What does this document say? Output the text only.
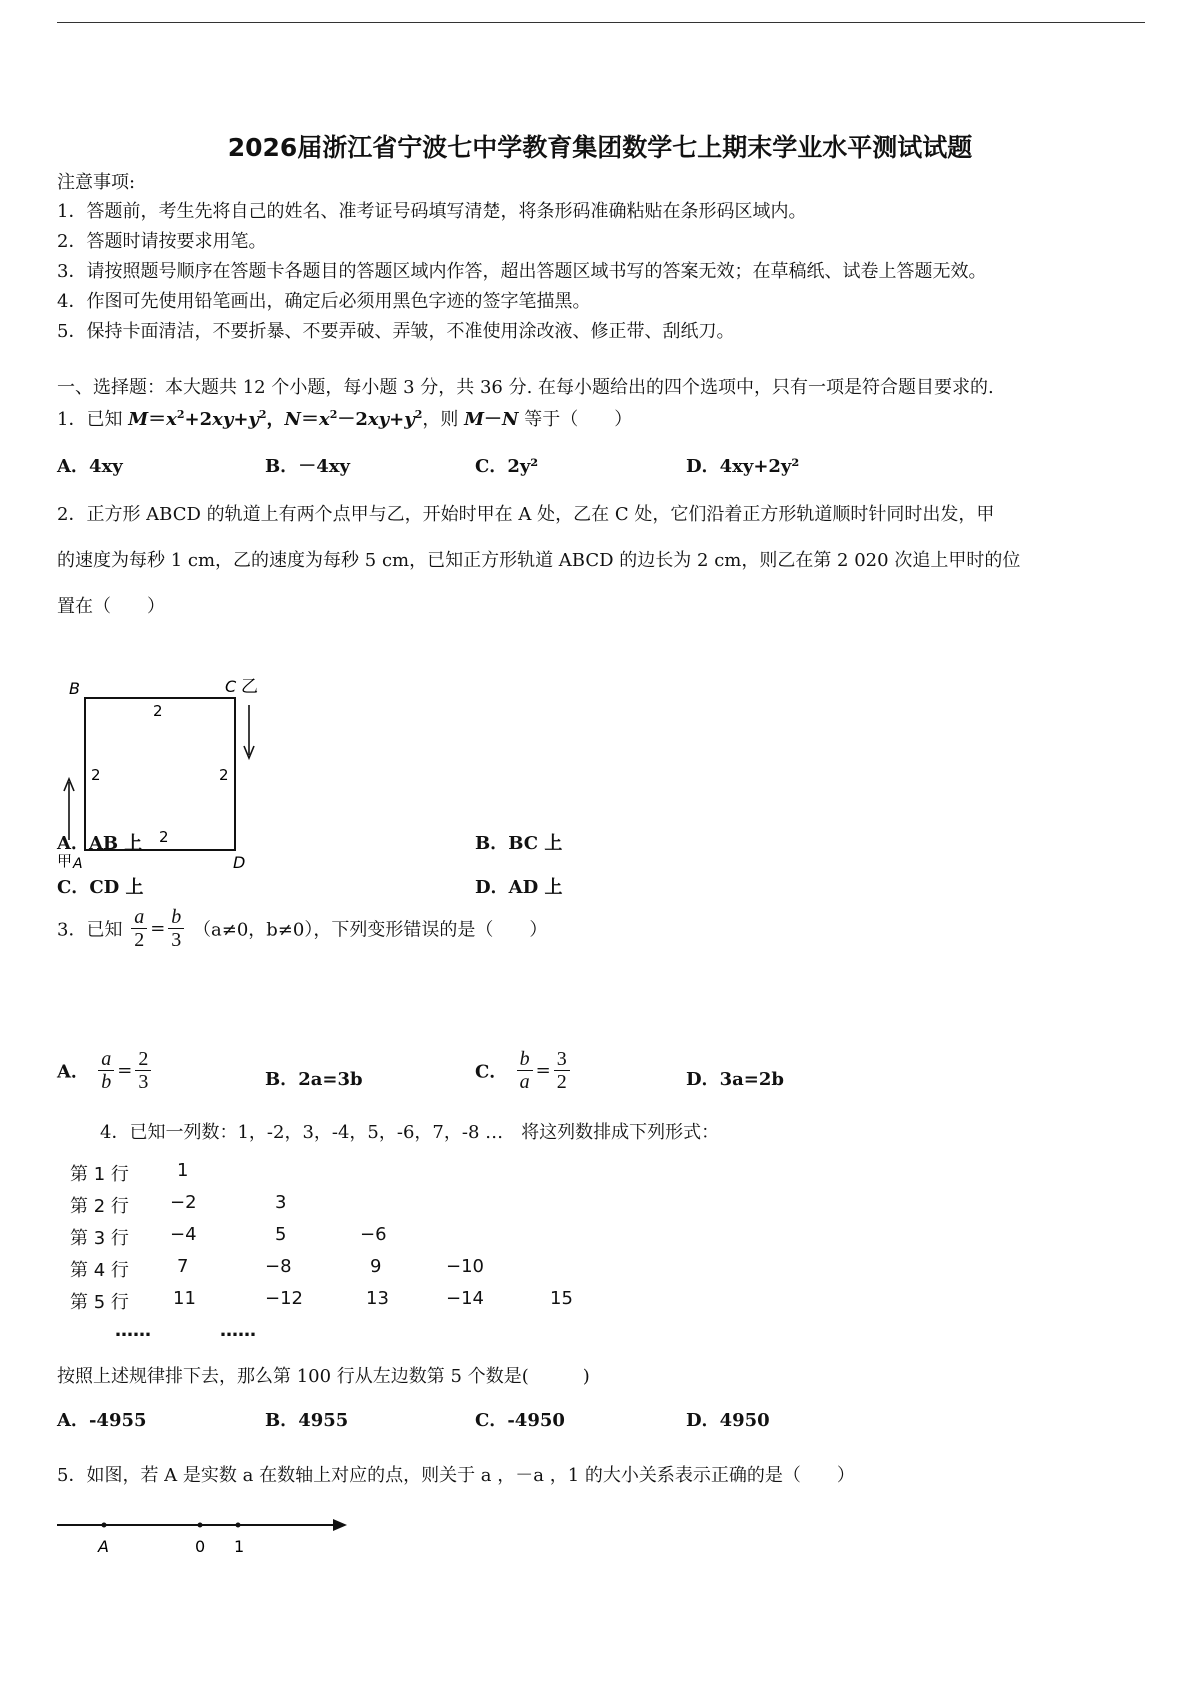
2026届浙江省宁波七中学教育集团数学七上期末学业水平测试试题
注意事项:
1．答题前，考生先将自己的姓名、准考证号码填写清楚，将条形码准确粘贴在条形码区域内。
2．答题时请按要求用笔。
3．请按照题号顺序在答题卡各题目的答题区域内作答，超出答题区域书写的答案无效；在草稿纸、试卷上答题无效。
4．作图可先使用铅笔画出，确定后必须用黑色字迹的签字笔描黑。
5．保持卡面清洁，不要折暴、不要弄破、弄皱，不准使用涂改液、修正带、刮纸刀。
一、选择题：本大题共 12 个小题，每小题 3 分，共 36 分. 在每小题给出的四个选项中，只有一项是符合题目要求的.
1．已知 $M=x^2+2xy+y^2$，$N=x^2-2xy+y^2$，则 M－N 等于（　　）
A．4xy	B．－4xy	C．2y²	D．4xy+2y²
2．正方形 ABCD 的轨道上有两个点甲与乙，开始时甲在 A 处，乙在 C 处，它们沿着正方形轨道顺时针同时出发，甲
的速度为每秒 1 cm，乙的速度为每秒 5 cm，已知正方形轨道 ABCD 的边长为 2 cm，则乙在第 2 020 次追上甲时的位
置在（　　）
B	C 乙
D
甲 A
2
2	2
2
A．AB 上	B．BC 上
C．CD 上	D．AD 上
3．已知 $\frac{a}{2} = \frac{b}{3} (a\ne 0$，b≠0），下列变形错误的是（　　）
A． $\frac{a}{b} = \frac{2}{3}$	B．2a=3b	C． $\frac{b}{a} = \frac{3}{2}$	D．3a=2b
4．已知一列数：1，-2，3，-4，5，-6，7，-8 …　将这列数排成下列形式：
第 1 行	1
第 2 行 −2	3
第 3 行 −4	5	−6
第 4 行	7	−8	9	−10
第 5 行 11	−12	13	−14	15
……	……
按照上述规律排下去，那么第 100 行从左边数第 5 个数是(　　　)
A．-4955	B．4955	C．-4950	D．4950
5．如图，若 A 是实数 a 在数轴上对应的点，则关于 a ，－a ，1 的大小关系表示正确的是（　　）
A	0 1
